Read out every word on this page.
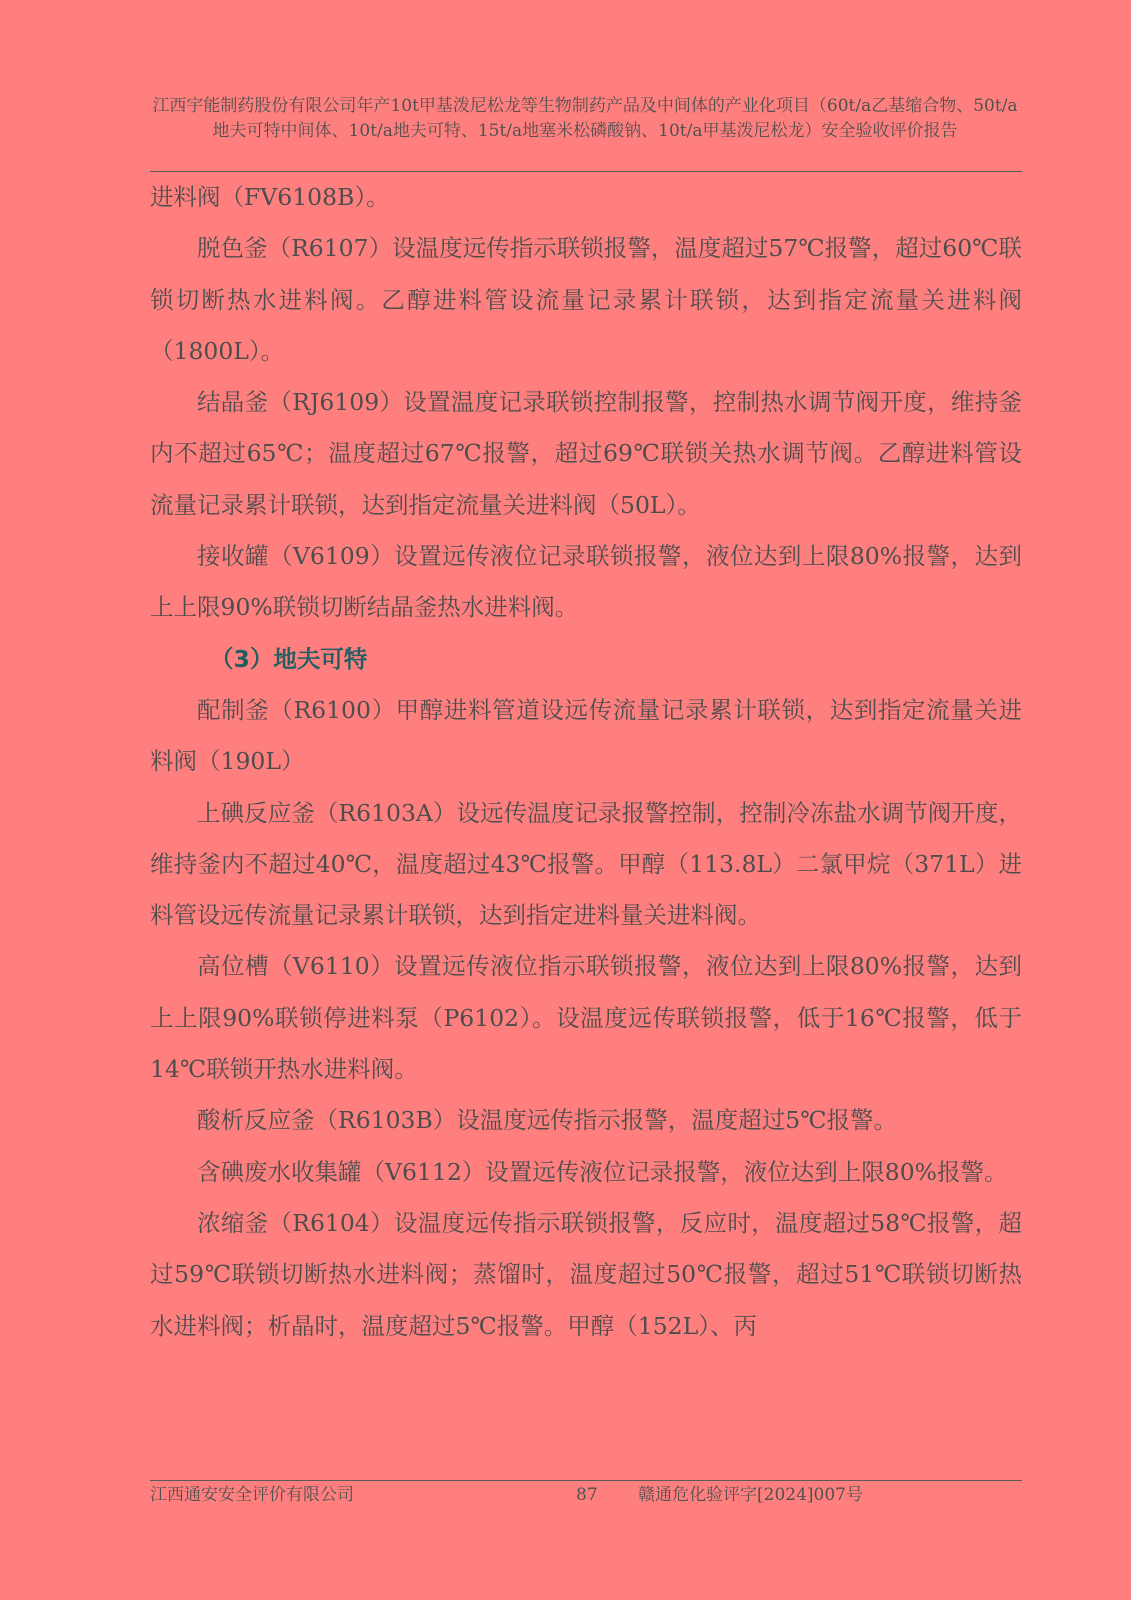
江西宇能制药股份有限公司年产10t甲基泼尼松龙等生物制药产品及中间体的产业化项目（60t/a乙基缩合物、50t/a地夫可特中间体、10t/a地夫可特、15t/a地塞米松磷酸钠、10t/a甲基泼尼松龙）安全验收评价报告

进料阀（FV6108B）。

脱色釜（R6107）设温度远传指示联锁报警，温度超过57℃报警，超过60℃联锁切断热水进料阀。乙醇进料管设流量记录累计联锁，达到指定流量关进料阀（1800L）。

结晶釜（RJ6109）设置温度记录联锁控制报警，控制热水调节阀开度，维持釜内不超过65℃；温度超过67℃报警，超过69℃联锁关热水调节阀。乙醇进料管设流量记录累计联锁，达到指定流量关进料阀（50L）。

接收罐（V6109）设置远传液位记录联锁报警，液位达到上限80%报警，达到上上限90%联锁切断结晶釜热水进料阀。

（3）地夫可特

配制釜（R6100）甲醇进料管道设远传流量记录累计联锁，达到指定流量关进料阀（190L）

上碘反应釜（R6103A）设远传温度记录报警控制，控制冷冻盐水调节阀开度，维持釜内不超过40℃，温度超过43℃报警。甲醇（113.8L）二氯甲烷（371L）进料管设远传流量记录累计联锁，达到指定进料量关进料阀。

高位槽（V6110）设置远传液位指示联锁报警，液位达到上限80%报警，达到上上限90%联锁停进料泵（P6102）。设温度远传联锁报警，低于16℃报警，低于14℃联锁开热水进料阀。

酸析反应釜（R6103B）设温度远传指示报警，温度超过5℃报警。

含碘废水收集罐（V6112）设置远传液位记录报警，液位达到上限80%报警。

浓缩釜（R6104）设温度远传指示联锁报警，反应时，温度超过58℃报警，超过59℃联锁切断热水进料阀；蒸馏时，温度超过50℃报警，超过51℃联锁切断热水进料阀；析晶时，温度超过5℃报警。甲醇（152L）、丙

江西通安安全评价有限公司	87 赣通危化验评字[2024]007号
